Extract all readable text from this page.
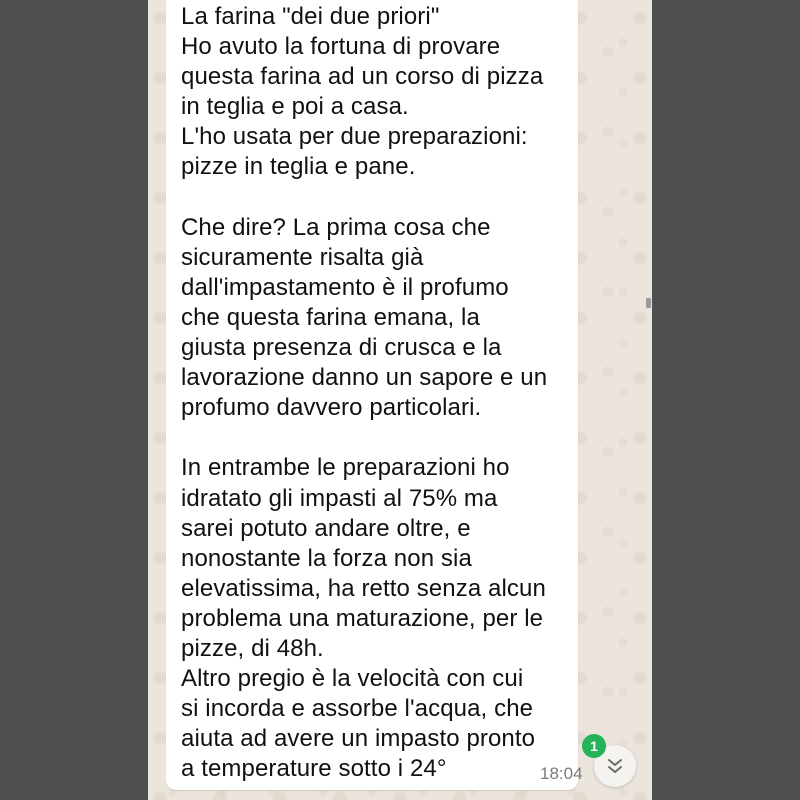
La farina "dei due priori"
Ho avuto la fortuna di provare
questa farina ad un corso di pizza
in teglia e poi a casa.
L'ho usata per due preparazioni:
pizze in teglia e pane.

Che dire? La prima cosa che
sicuramente risalta già
dall'impastamento è il profumo
che questa farina emana, la
giusta presenza di crusca e la
lavorazione danno un sapore e un
profumo davvero particolari.

In entrambe le preparazioni ho
idratato gli impasti al 75% ma
sarei potuto andare oltre, e
nonostante la forza non sia
elevatissima, ha retto senza alcun
problema una maturazione, per le
pizze, di 48h.
Altro pregio è la velocità con cui
si incorda e assorbe l'acqua, che
aiuta ad avere un impasto pronto
a temperature sotto i 24°	18:04
1
